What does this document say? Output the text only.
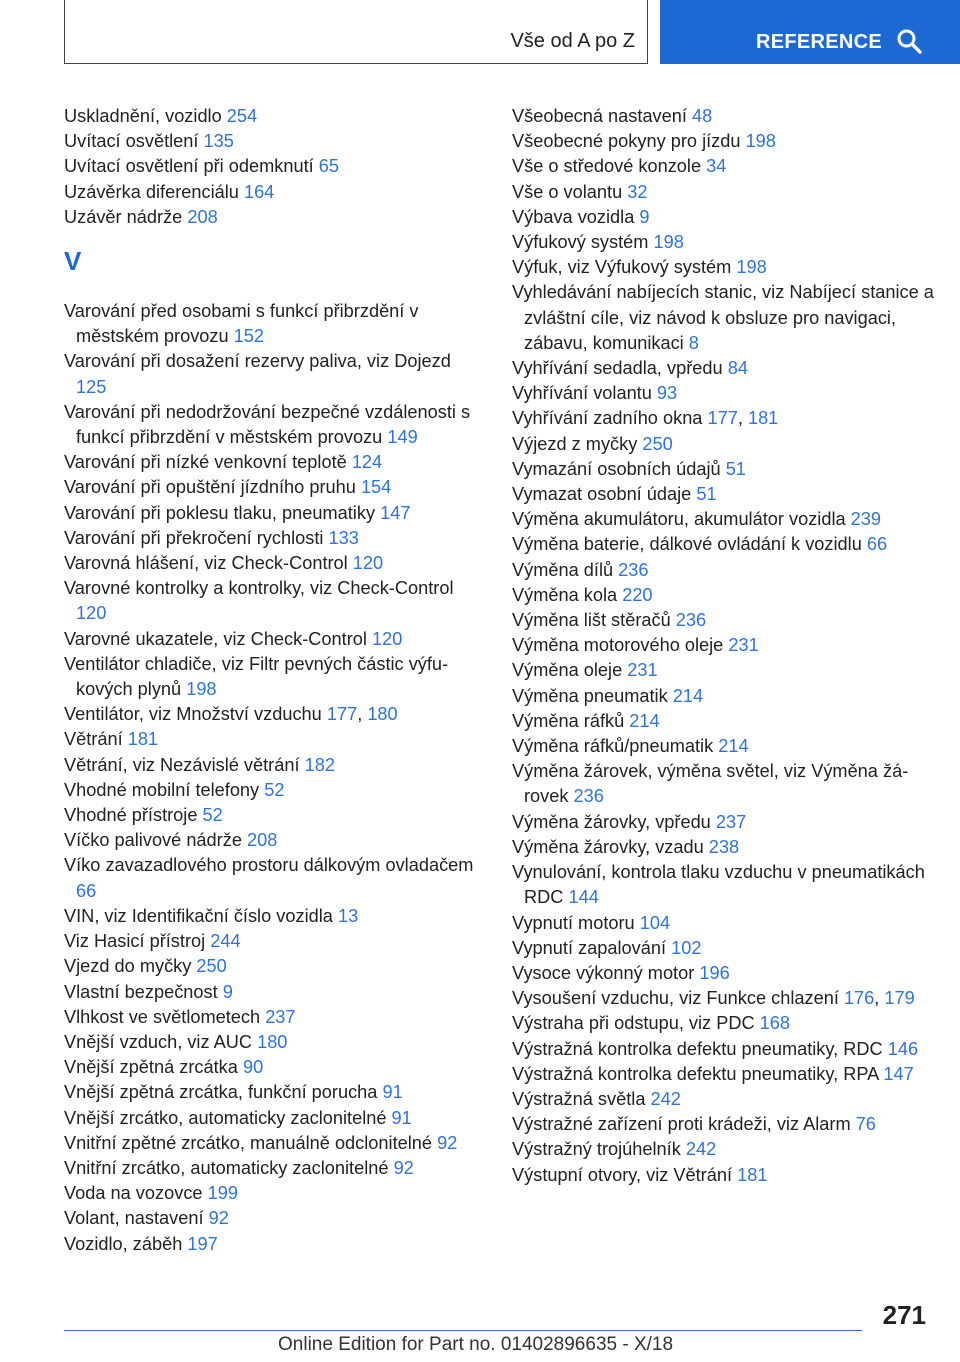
Vše od A po Z	REFERENCE
Uskladnění, vozidlo 254
Uvítací osvětlení 135
Uvítací osvětlení při odemknutí 65
Uzávěrka diferenciálu 164
Uzávěr nádrže 208
V
Varování před osobami s funkcí přibrzdění v městském provozu 152
Varování při dosažení rezervy paliva, viz Dojezd 125
Varování při nedodržování bezpečné vzdálenosti s funkcí přibrzdění v městském provozu 149
Varování při nízké venkovní teplotě 124
Varování při opuštění jízdního pruhu 154
Varování při poklesu tlaku, pneumatiky 147
Varování při překročení rychlosti 133
Varovná hlášení, viz Check-Control 120
Varovné kontrolky a kontrolky, viz Check-Control 120
Varovné ukazatele, viz Check-Control 120
Ventilátor chladiče, viz Filtr pevných částic výfukových plynů 198
Ventilátor, viz Množství vzduchu 177, 180
Větrání 181
Větrání, viz Nezávislé větrání 182
Vhodné mobilní telefony 52
Vhodné přístroje 52
Víčko palivové nádrže 208
Víko zavazadlového prostoru dálkovým ovladačem 66
VIN, viz Identifikační číslo vozidla 13
Viz Hasicí přístroj 244
Vjezd do myčky 250
Vlastní bezpečnost 9
Vlhkost ve světlometech 237
Vnější vzduch, viz AUC 180
Vnější zpětná zrcátka 90
Vnější zpětná zrcátka, funkční porucha 91
Vnější zrcátko, automaticky zaclonitelné 91
Vnitřní zpětné zrcátko, manuálně odclonitelné 92
Vnitřní zrcátko, automaticky zaclonitelné 92
Voda na vozovce 199
Volant, nastavení 92
Vozidlo, záběh 197
Všeobecná nastavení 48
Všeobecné pokyny pro jízdu 198
Vše o středové konzole 34
Vše o volantu 32
Výbava vozidla 9
Výfukový systém 198
Výfuk, viz Výfukový systém 198
Vyhledávání nabíjecích stanic, viz Nabíjecí stanice a zvláštní cíle, viz návod k obsluze pro navigaci, zábavu, komunikaci 8
Vyhřívání sedadla, vpředu 84
Vyhřívání volantu 93
Vyhřívání zadního okna 177, 181
Výjezd z myčky 250
Vymazání osobních údajů 51
Vymazat osobní údaje 51
Výměna akumulátoru, akumulátor vozidla 239
Výměna baterie, dálkové ovládání k vozidlu 66
Výměna dílů 236
Výměna kola 220
Výměna lišt stěračů 236
Výměna motorového oleje 231
Výměna oleje 231
Výměna pneumatik 214
Výměna ráfků 214
Výměna ráfků/pneumatik 214
Výměna žárovek, výměna světel, viz Výměna žárovek 236
Výměna žárovky, vpředu 237
Výměna žárovky, vzadu 238
Vynulování, kontrola tlaku vzduchu v pneumatikách RDC 144
Vypnutí motoru 104
Vypnutí zapalování 102
Vysoce výkonný motor 196
Vysoušení vzduchu, viz Funkce chlazení 176, 179
Výstraha při odstupu, viz PDC 168
Výstražná kontrolka defektu pneumatiky, RDC 146
Výstražná kontrolka defektu pneumatiky, RPA 147
Výstražná světla 242
Výstražné zařízení proti krádeži, viz Alarm 76
Výstražný trojúhelník 242
Výstupní otvory, viz Větrání 181
271
Online Edition for Part no. 01402896635 - X/18
